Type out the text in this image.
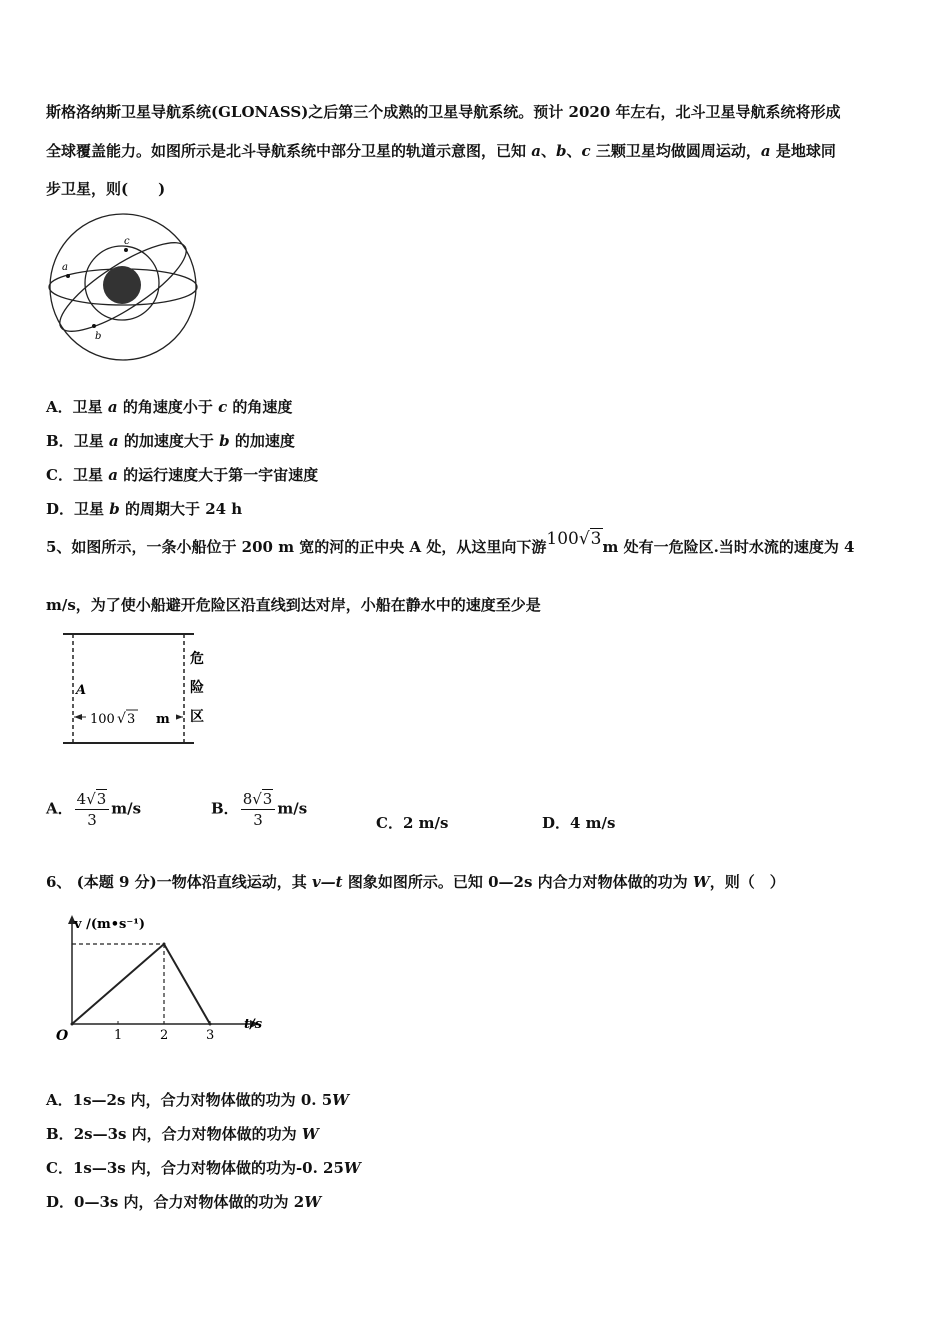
斯格洛纳斯卫星导航系统(GLONASS)之后第三个成熟的卫星导航系统。预计 2020 年左右，北斗卫星导航系统将形成
全球覆盖能力。如图所示是北斗导航系统中部分卫星的轨道示意图，已知 a、b、c 三颗卫星均做圆周运动，a 是地球同
步卫星，则(　　)
a
c
b
A．卫星 a 的角速度小于 c 的角速度
B．卫星 a 的加速度大于 b 的加速度
C．卫星 a 的运行速度大于第一宇宙速度
D．卫星 b 的周期大于 24 h
5、如图所示，一条小船位于 200 m 宽的河的正中央 A 处，从这里向下游100√3m 处有一危险区.当时水流的速度为 4
m/s，为了使小船避开危险区沿直线到达对岸，小船在静水中的速度至少是
A
100 √ 3 m
危
险
区
A． $\frac{4√3}{3} m/s$	B． $\frac{8√3}{3} m/s$
C．2 m/s	D．4 m/s
6、 (本题 9 分)一物体沿直线运动，其 v—t 图象如图所示。已知 0—2s 内合力对物体做的功为 W，则（　）
v /(m•s⁻¹)
t/s
O	1	2	3
A．1s—2s 内，合力对物体做的功为 0. 5W
B．2s—3s 内，合力对物体做的功为 W
C．1s—3s 内，合力对物体做的功为-0. 25W
D．0—3s 内，合力对物体做的功为 2W
